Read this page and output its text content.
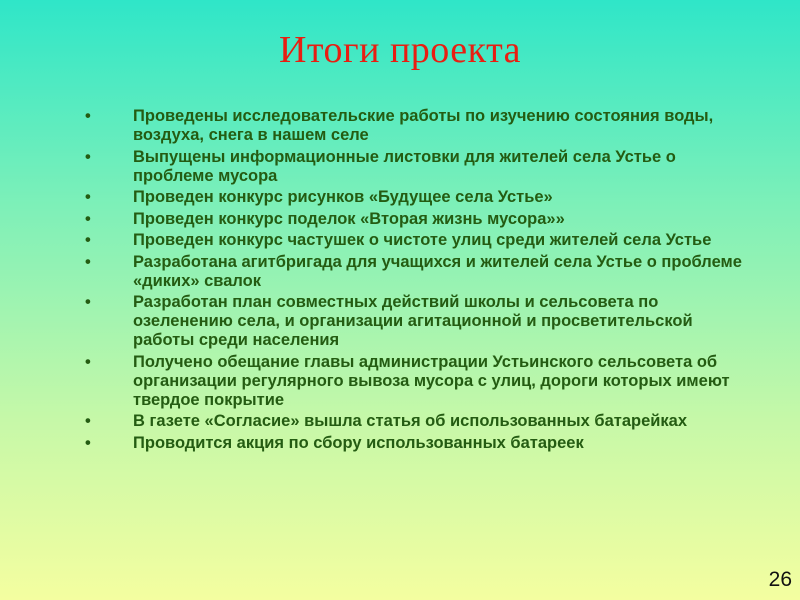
Итоги проекта
•	Проведены исследовательские работы по изучению состояния воды, воздуха, снега в нашем селе
•	Выпущены информационные листовки для жителей села Устье о проблеме мусора
•	Проведен конкурс рисунков «Будущее села Устье»
•	Проведен конкурс поделок «Вторая жизнь мусора»»
•	Проведен конкурс частушек о чистоте улиц среди жителей села Устье
•	Разработана агитбригада для учащихся и жителей села Устье о проблеме «диких» свалок
•	Разработан план совместных действий школы и сельсовета по озеленению села, и организации агитационной и просветительской работы среди населения
•	Получено обещание главы администрации Устьинского сельсовета об организации регулярного вывоза мусора с улиц, дороги которых имеют твердое покрытие
•	В газете «Согласие» вышла статья об использованных батарейках
•	Проводится акция по сбору использованных батареек
26
